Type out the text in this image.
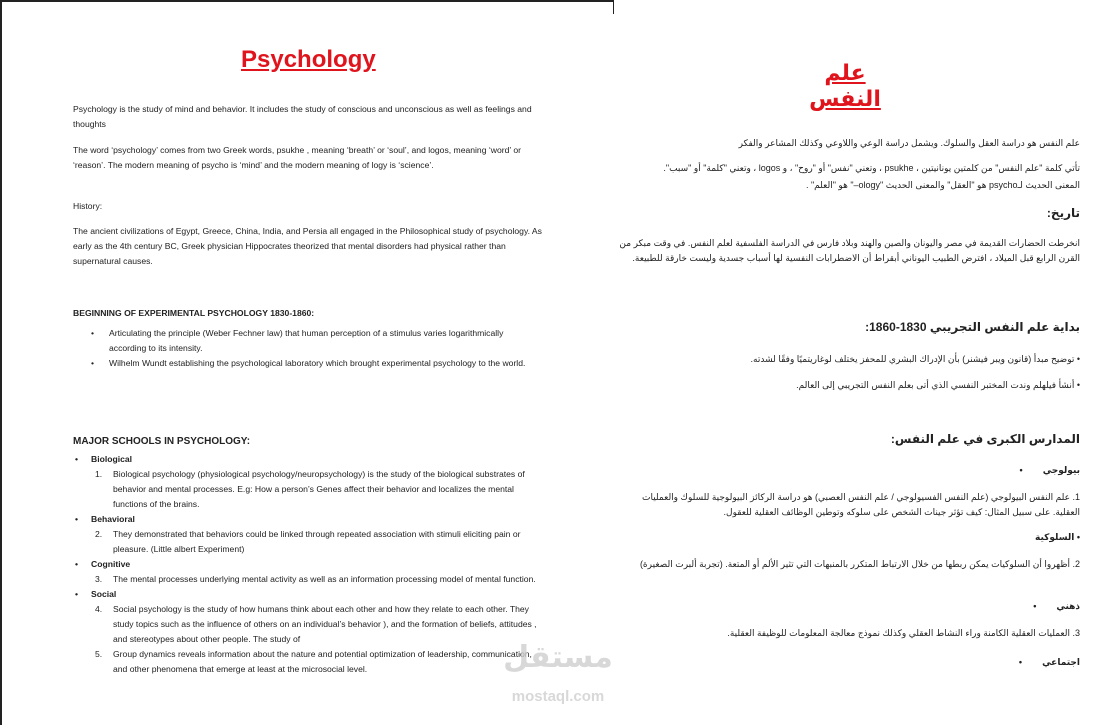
Psychology

Psychology is the study of mind and behavior. It includes the study of conscious and unconscious as well as feelings and thoughts

The word ‘psychology’ comes from two Greek words, psukhe , meaning ‘breath’ or ‘soul’, and logos, meaning ‘word’ or ‘reason’. The modern meaning of psycho is ‘mind’ and the modern meaning of logy is ‘science’.

History:

The ancient civilizations of Egypt, Greece, China, India, and Persia all engaged in the Philosophical study of psychology. As early as the 4th century BC, Greek physician Hippocrates theorized that mental disorders had physical rather than supernatural causes.

BEGINNING OF EXPERIMENTAL PSYCHOLOGY 1830-1860:

• Articulating the principle (Weber Fechner law) that human perception of a stimulus varies logarithmically according to its intensity.
• Wilhelm Wundt establishing the psychological laboratory which brought experimental psychology to the world.

MAJOR SCHOOLS IN PSYCHOLOGY:

• Biological
1. Biological psychology (physiological psychology/neuropsychology) is the study of the biological substrates of behavior and mental processes. E.g: How a person’s Genes affect their behavior and localizes the mental functions of the brains.
• Behavioral
2. They demonstrated that behaviors could be linked through repeated association with stimuli eliciting pain or pleasure. (Little albert Experiment)
• Cognitive
3. The mental processes underlying mental activity as well as an information processing model of mental function.
• Social
4. Social psychology is the study of how humans think about each other and how they relate to each other. They study topics such as the influence of others on an individual’s behavior ), and the formation of beliefs, attitudes , and stereotypes about other people. The study of
5. Group dynamics reveals information about the nature and potential optimization of leadership, communication, and other phenomena that emerge at least at the microsocial level.
علم النفس
علم النفس هو دراسة العقل والسلوك. ويشمل دراسة الوعي واللاوعي وكذلك المشاعر والفكر
تأتي كلمة "علم النفس" من كلمتين يونانيتين ، psukhe ، وتعني "نفس" أو "روح" ، و logos ، وتعني "كلمة" أو "سبب".
المعنى الحديث لـpsycho هو "العقل" والمعنى الحديث "ology–" هو "العلم" .
تاريخ:
انخرطت الحضارات القديمة في مصر واليونان والصين والهند وبلاد فارس في الدراسة الفلسفية لعلم النفس. في وقت مبكر من القرن الرابع قبل الميلاد ، افترض الطبيب اليوناني أبقراط أن الاضطرابات النفسية لها أسباب جسدية وليست خارقة للطبيعة.
بداية علم النفس التجريبي 1830-1860:
• توضيح مبدأ (قانون ويبر فيشنر) بأن الإدراك البشري للمحفز يختلف لوغاريتميًا وفقًا لشدته.
• أنشأ فيلهلم وندت المختبر النفسي الذي أتى بعلم النفس التجريبي إلى العالم.
المدارس الكبرى في علم النفس:
بيولوجي        •
1. علم النفس البيولوجي (علم النفس الفسيولوجي / علم النفس العصبي) هو دراسة الركائز البيولوجية للسلوك والعمليات العقلية. على سبيل المثال: كيف تؤثر جينات الشخص على سلوكه وتوطين الوظائف العقلية للعقول.
• السلوكية
2. أظهروا أن السلوكيات يمكن ربطها من خلال الارتباط المتكرر بالمنبهات التي تثير الألم أو المتعة. (تجربة ألبرت الصغيرة)
ذهني        •
3. العمليات العقلية الكامنة وراء النشاط العقلي وكذلك نموذج معالجة المعلومات للوظيفة العقلية.
اجتماعي        •
مستقل
mostaql.com
